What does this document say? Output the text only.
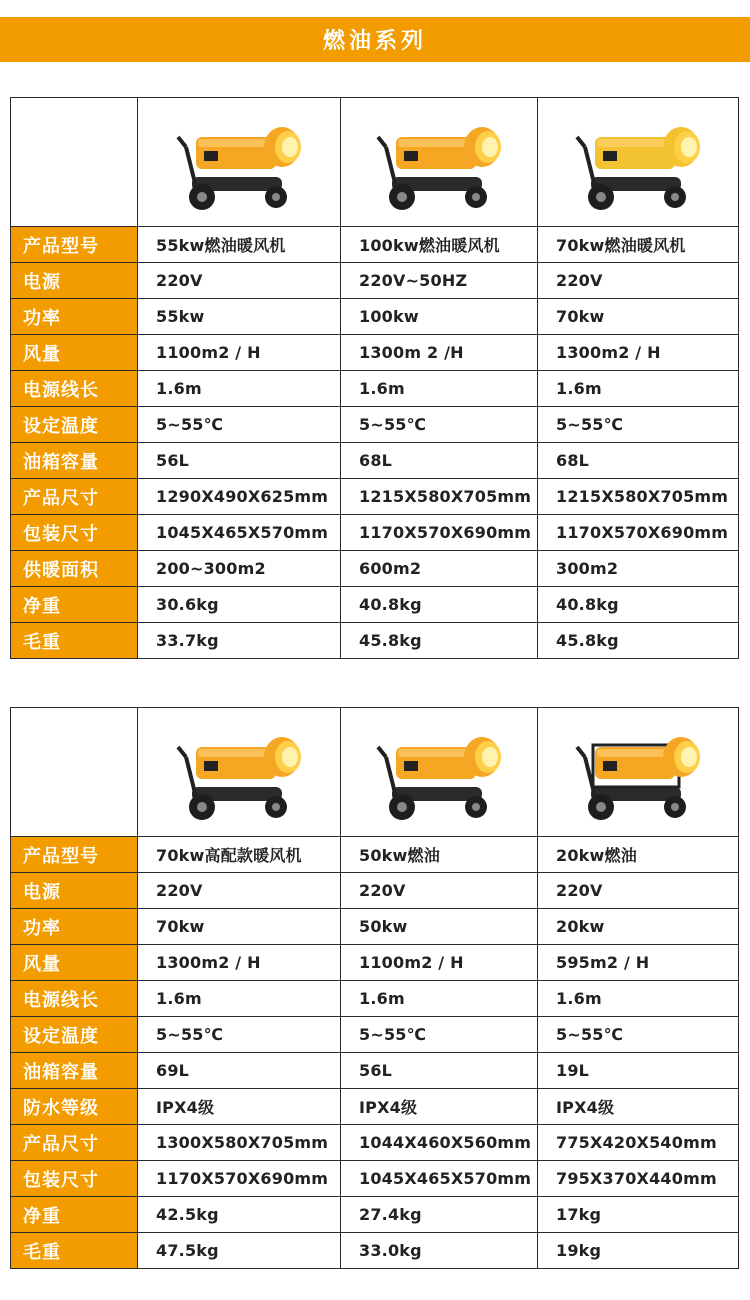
燃油系列

产品型号	55kw燃油暖风机	100kw燃油暖风机	70kw燃油暖风机
电源	220V	220V~50HZ	220V
功率	55kw	100kw	70kw
风量	1100m2 / H	1300m 2 /H	1300m2 / H
电源线长	1.6m	1.6m	1.6m
设定温度	5~55℃	5~55℃	5~55℃
油箱容量	56L	68L	68L
产品尺寸	1290X490X625mm	1215X580X705mm	1215X580X705mm
包装尺寸	1045X465X570mm	1170X570X690mm	1170X570X690mm
供暖面积	200~300m2	600m2	300m2
净重	30.6kg	40.8kg	40.8kg
毛重	33.7kg	45.8kg	45.8kg

产品型号	70kw高配款暖风机	50kw燃油	20kw燃油
电源	220V	220V	220V
功率	70kw	50kw	20kw
风量	1300m2 / H	1100m2 / H	595m2 / H
电源线长	1.6m	1.6m	1.6m
设定温度	5~55℃	5~55℃	5~55℃
油箱容量	69L	56L	19L
防水等级	IPX4级	IPX4级	IPX4级
产品尺寸	1300X580X705mm	1044X460X560mm	775X420X540mm
包装尺寸	1170X570X690mm	1045X465X570mm	795X370X440mm
净重	42.5kg	27.4kg	17kg
毛重	47.5kg	33.0kg	19kg
